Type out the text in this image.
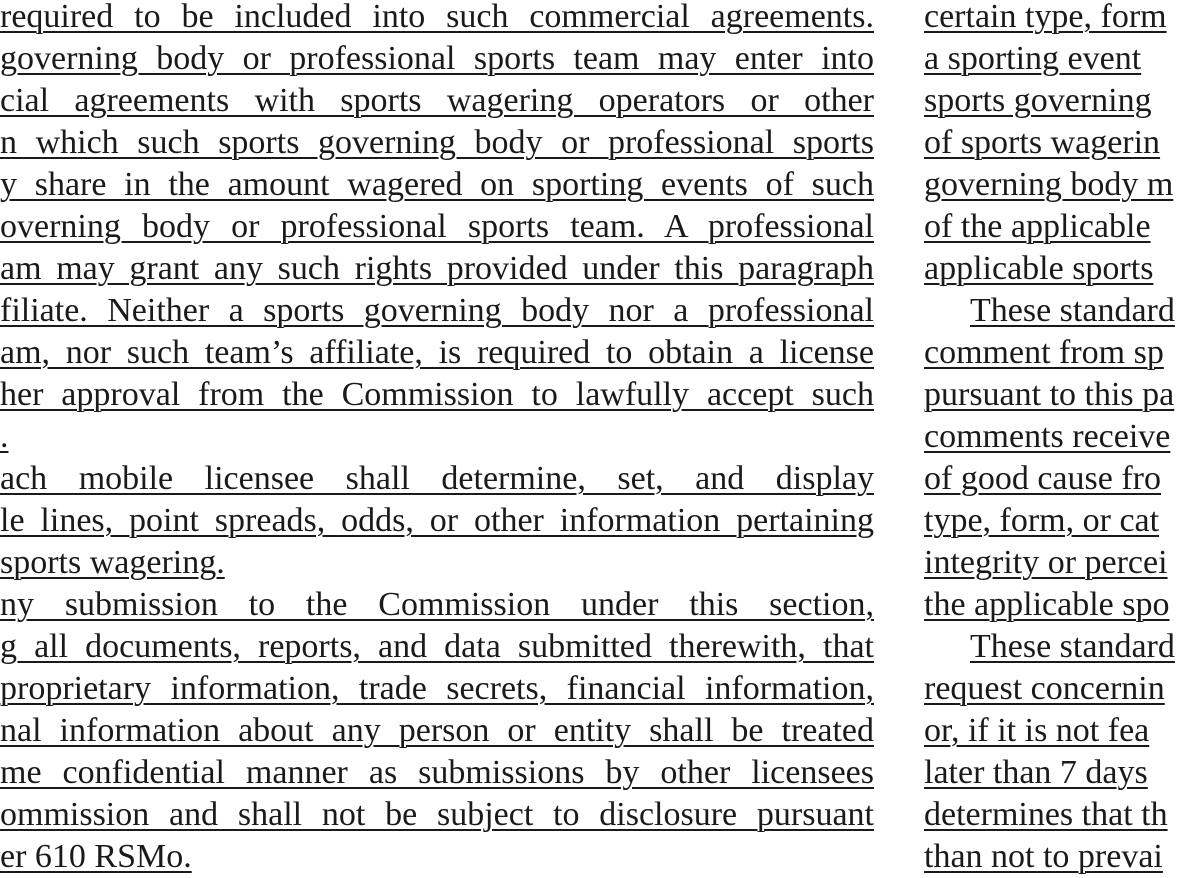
required to be included into such commercial agreements.
governing body or professional sports team may enter into
cial agreements with sports wagering operators or other
n which such sports governing body or professional sports
y share in the amount wagered on sporting events of such
overning body or professional sports team. A professional
am may grant any such rights provided under this paragraph
filiate. Neither a sports governing body nor a professional
am, nor such team’s affiliate, is required to obtain a license
her approval from the Commission to lawfully accept such
.
ach mobile licensee shall determine, set, and display
le lines, point spreads, odds, or other information pertaining
sports wagering.
ny submission to the Commission under this section,
g all documents, reports, and data submitted therewith, that
proprietary information, trade secrets, financial information,
nal information about any person or entity shall be treated
me confidential manner as submissions by other licensees
ommission and shall not be subject to disclosure pursuant
er 610 RSMo.
certain type, form
a sporting event
sports governing
of sports wagerin
governing body m
of the applicable
applicable sports
These standard
comment from sp
pursuant to this pa
comments receive
of good cause fro
type, form, or cat
integrity or percei
the applicable spo
These standard
request concernin
or, if it is not fea
later than 7 days
determines that th
than not to prevai
